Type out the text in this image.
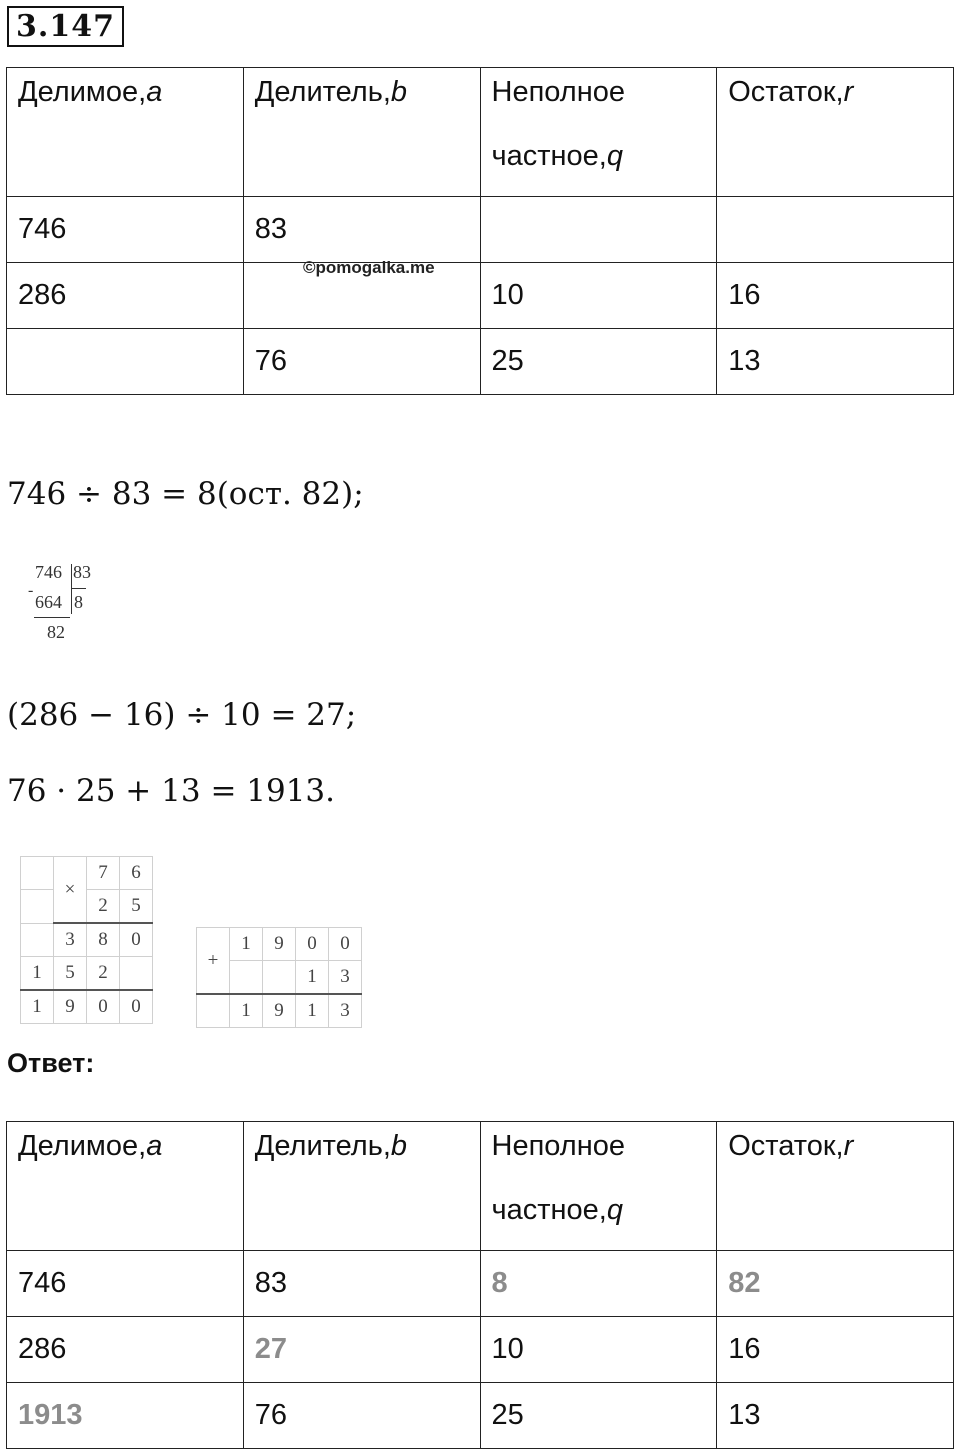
3.147
Делимое,a	Делитель,b	Неполное
частное,q	Остаток,r

746	83		
286		10	16
	76	25	13
©pomogalka.me
746 ÷ 83 = 8(ост. 82);
746 83
-
664 8
82
(286 − 16) ÷ 10 = 27;
76 · 25 + 13 = 1913.
	×	7	6
		2	5
	3	8	0
1	5	2	
1	9	0	0
+	1	9	0	0
			1	3
	1	9	1	3
Ответ:
Делимое,a	Делитель,b	Неполное
частное,q	Остаток,r

746	83	8	82
286	27	10	16
1913	76	25	13
